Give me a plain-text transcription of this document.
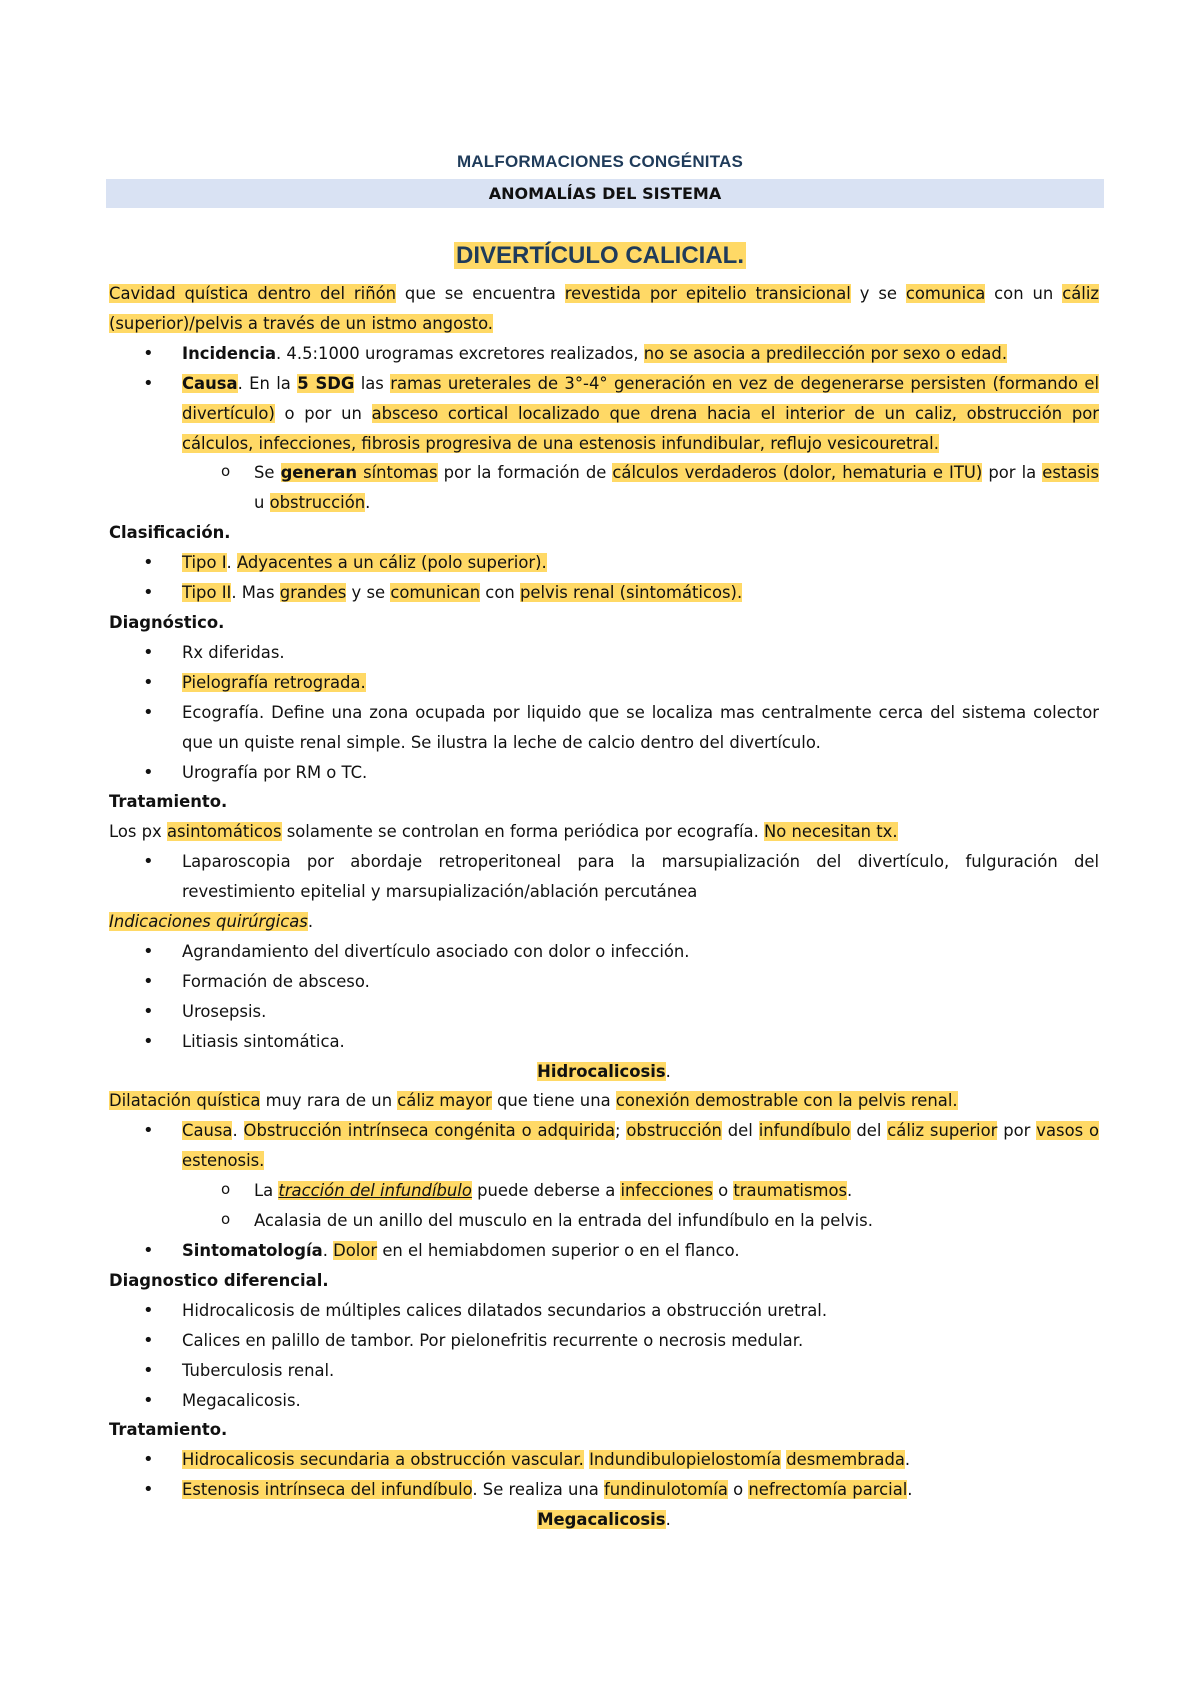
MALFORMACIONES CONGÉNITAS
ANOMALÍAS DEL SISTEMA
DIVERTÍCULO CALICIAL.
Cavidad quística dentro del riñón que se encuentra revestida por epitelio transicional y se comunica con un cáliz (superior)/pelvis a través de un istmo angosto.
• Incidencia. 4.5:1000 urogramas excretores realizados, no se asocia a predilección por sexo o edad.
• Causa. En la 5 SDG las ramas ureterales de 3°-4° generación en vez de degenerarse persisten (formando el divertículo) o por un absceso cortical localizado que drena hacia el interior de un caliz, obstrucción por cálculos, infecciones, fibrosis progresiva de una estenosis infundibular, reflujo vesicouretral.
o Se generan síntomas por la formación de cálculos verdaderos (dolor, hematuria e ITU) por la estasis u obstrucción.
Clasificación.
• Tipo I. Adyacentes a un cáliz (polo superior).
• Tipo II. Mas grandes y se comunican con pelvis renal (sintomáticos).
Diagnóstico.
• Rx diferidas.
• Pielografía retrograda.
• Ecografía. Define una zona ocupada por liquido que se localiza mas centralmente cerca del sistema colector que un quiste renal simple. Se ilustra la leche de calcio dentro del divertículo.
• Urografía por RM o TC.
Tratamiento.
Los px asintomáticos solamente se controlan en forma periódica por ecografía. No necesitan tx.
• Laparoscopia por abordaje retroperitoneal para la marsupialización del divertículo, fulguración del revestimiento epitelial y marsupialización/ablación percutánea
Indicaciones quirúrgicas.
• Agrandamiento del divertículo asociado con dolor o infección.
• Formación de absceso.
• Urosepsis.
• Litiasis sintomática.
Hidrocalicosis.
Dilatación quística muy rara de un cáliz mayor que tiene una conexión demostrable con la pelvis renal.
• Causa. Obstrucción intrínseca congénita o adquirida; obstrucción del infundíbulo del cáliz superior por vasos o estenosis.
o La tracción del infundíbulo puede deberse a infecciones o traumatismos.
o Acalasia de un anillo del musculo en la entrada del infundíbulo en la pelvis.
• Sintomatología. Dolor en el hemiabdomen superior o en el flanco.
Diagnostico diferencial.
• Hidrocalicosis de múltiples calices dilatados secundarios a obstrucción uretral.
• Calices en palillo de tambor. Por pielonefritis recurrente o necrosis medular.
• Tuberculosis renal.
• Megacalicosis.
Tratamiento.
• Hidrocalicosis secundaria a obstrucción vascular. Indundibulopielostomía desmembrada.
• Estenosis intrínseca del infundíbulo. Se realiza una fundinulotomía o nefrectomía parcial.
Megacalicosis.
